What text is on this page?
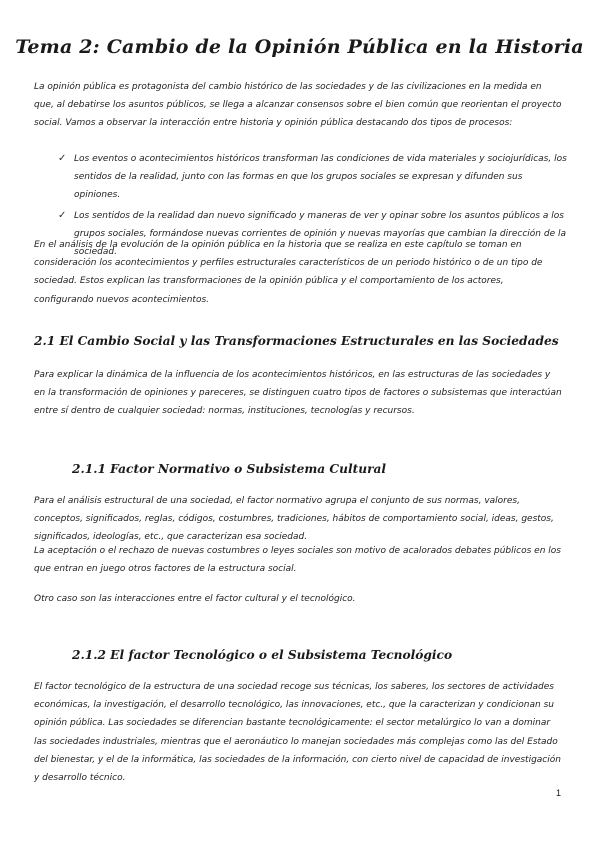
Tema 2: Cambio de la Opinión Pública en la Historia

La opinión pública es protagonista del cambio histórico de las sociedades y de las civilizaciones en la medida en que, al debatirse los asuntos públicos, se llega a alcanzar consensos sobre el bien común que reorientan el proyecto social. Vamos a observar la interacción entre historia y opinión pública destacando dos tipos de procesos:

✓ Los eventos o acontecimientos históricos transforman las condiciones de vida materiales y sociojurídicas, los sentidos de la realidad, junto con las formas en que los grupos sociales se expresan y difunden sus opiniones.
✓ Los sentidos de la realidad dan nuevo significado y maneras de ver y opinar sobre los asuntos públicos a los grupos sociales, formándose nuevas corrientes de opinión y nuevas mayorías que cambian la dirección de la sociedad.

En el análisis de la evolución de la opinión pública en la historia que se realiza en este capítulo se toman en consideración los acontecimientos y perfiles estructurales característicos de un periodo histórico o de un tipo de sociedad. Estos explican las transformaciones de la opinión pública y el comportamiento de los actores, configurando nuevos acontecimientos.

2.1 El Cambio Social y las Transformaciones Estructurales en las Sociedades

Para explicar la dinámica de la influencia de los acontecimientos históricos, en las estructuras de las sociedades y en la transformación de opiniones y pareceres, se distinguen cuatro tipos de factores o subsistemas que interactúan entre sí dentro de cualquier sociedad: normas, instituciones, tecnologías y recursos.

2.1.1 Factor Normativo o Subsistema Cultural

Para el análisis estructural de una sociedad, el factor normativo agrupa el conjunto de sus normas, valores, conceptos, significados, reglas, códigos, costumbres, tradiciones, hábitos de comportamiento social, ideas, gestos, significados, ideologías, etc., que caracterizan esa sociedad.

La aceptación o el rechazo de nuevas costumbres o leyes sociales son motivo de acalorados debates públicos en los que entran en juego otros factores de la estructura social.

Otro caso son las interacciones entre el factor cultural y el tecnológico.

2.1.2 El factor Tecnológico o el Subsistema Tecnológico

El factor tecnológico de la estructura de una sociedad recoge sus técnicas, los saberes, los sectores de actividades económicas, la investigación, el desarrollo tecnológico, las innovaciones, etc., que la caracterizan y condicionan su opinión pública. Las sociedades se diferencian bastante tecnológicamente: el sector metalúrgico lo van a dominar las sociedades industriales, mientras que el aeronáutico lo manejan sociedades más complejas como las del Estado del bienestar, y el de la informática, las sociedades de la información, con cierto nivel de capacidad de investigación y desarrollo técnico.

1
